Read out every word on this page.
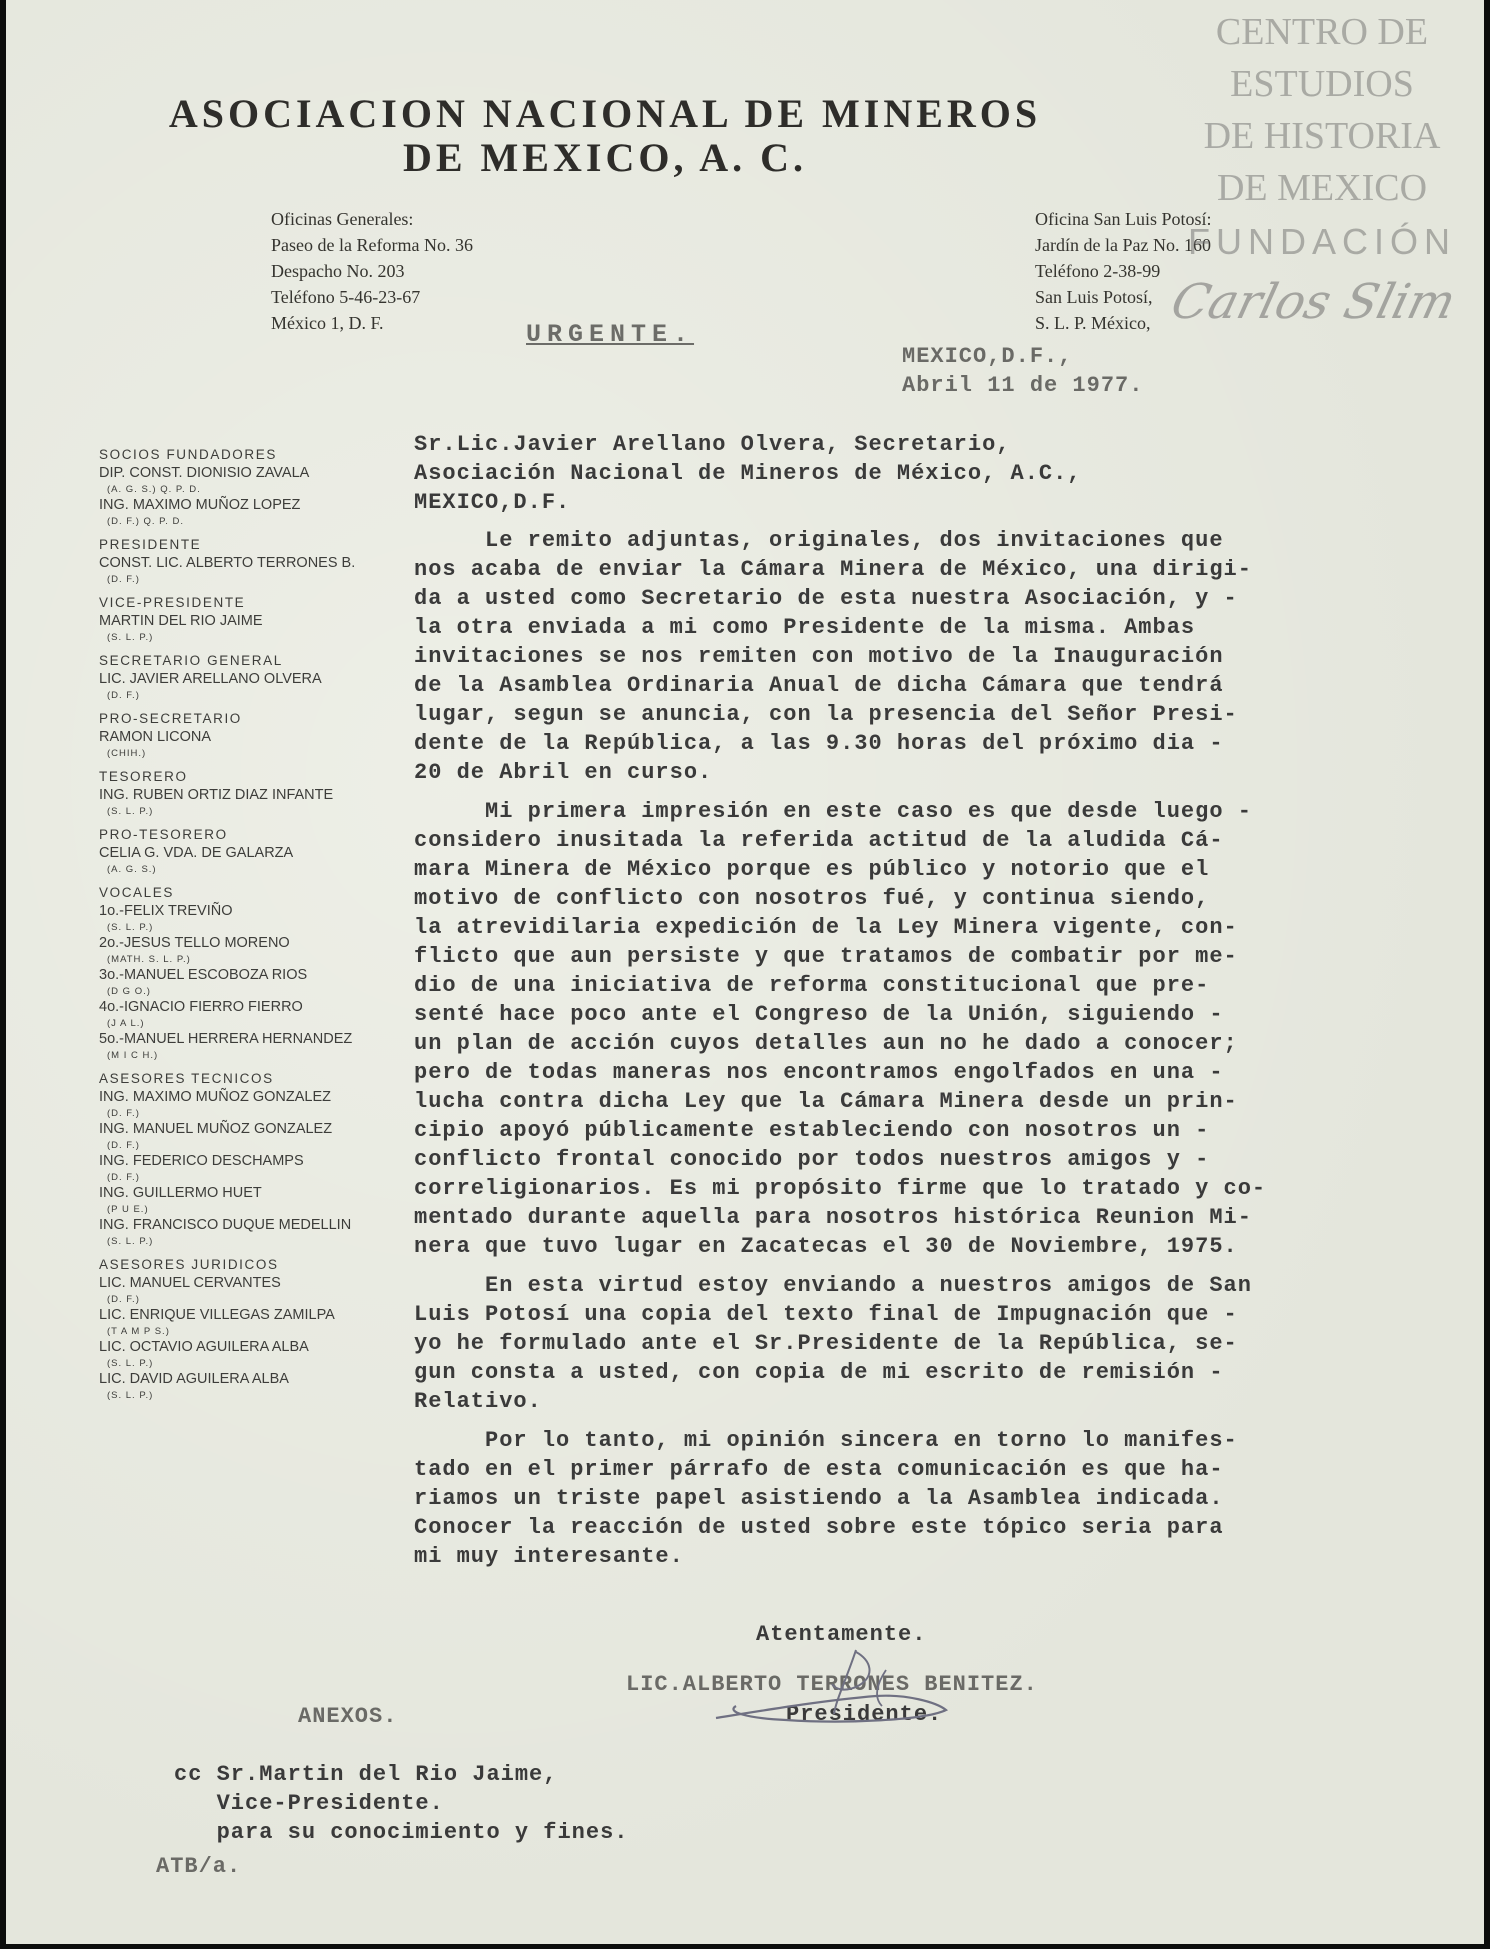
ASOCIACION NACIONAL DE MINEROS
DE MEXICO, A. C.
Oficinas Generales:
Paseo de la Reforma No. 36
Despacho No. 203
Teléfono 5-46-23-67
México 1, D. F.
Oficina San Luis Potosí:
Jardín de la Paz No. 160
Teléfono 2-38-99
San Luis Potosí,
S. L. P. México,
CENTRO DE
ESTUDIOS
DE HISTORIA
DE MEXICO
FUNDACIÓN
Carlos Slim
URGENTE.
MEXICO,D.F.,
Abril 11 de 1977.
SOCIOS FUNDADORES
DIP. CONST. DIONISIO ZAVALA
(A. G. S.) Q. P. D.
ING. MAXIMO MUÑOZ LOPEZ
(D. F.) Q. P. D.
PRESIDENTE
CONST. LIC. ALBERTO TERRONES B.
(D. F.)
VICE-PRESIDENTE
MARTIN DEL RIO JAIME
(S. L. P.)
SECRETARIO GENERAL
LIC. JAVIER ARELLANO OLVERA
(D. F.)
PRO-SECRETARIO
RAMON LICONA
(CHIH.)
TESORERO
ING. RUBEN ORTIZ DIAZ INFANTE
(S. L. P.)
PRO-TESORERO
CELIA G. VDA. DE GALARZA
(A. G. S.)
VOCALES
1o.-FELIX TREVIÑO
(S. L. P.)
2o.-JESUS TELLO MORENO
(MATH. S. L. P.)
3o.-MANUEL ESCOBOZA RIOS
(D G O.)
4o.-IGNACIO FIERRO FIERRO
(J A L.)
5o.-MANUEL HERRERA HERNANDEZ
(M I C H.)
ASESORES TECNICOS
ING. MAXIMO MUÑOZ GONZALEZ
(D. F.)
ING. MANUEL MUÑOZ GONZALEZ
(D. F.)
ING. FEDERICO DESCHAMPS
(D. F.)
ING. GUILLERMO HUET
(P U E.)
ING. FRANCISCO DUQUE MEDELLIN
(S. L. P.)
ASESORES JURIDICOS
LIC. MANUEL CERVANTES
(D. F.)
LIC. ENRIQUE VILLEGAS ZAMILPA
(T A M P S.)
LIC. OCTAVIO AGUILERA ALBA
(S. L. P.)
LIC. DAVID AGUILERA ALBA
(S. L. P.)
Sr.Lic.Javier Arellano Olvera, Secretario,
Asociación Nacional de Mineros de México, A.C.,
MEXICO,D.F.
Le remito adjuntas, originales, dos invitaciones que
nos acaba de enviar la Cámara Minera de México, una dirigi-
da a usted como Secretario de esta nuestra Asociación, y -
la otra enviada a mi como Presidente de la misma. Ambas
invitaciones se nos remiten con motivo de la Inauguración
de la Asamblea Ordinaria Anual de dicha Cámara que tendrá
lugar, segun se anuncia, con la presencia del Señor Presi-
dente de la República, a las 9.30 horas del próximo dia -
20 de Abril en curso.
Mi primera impresión en este caso es que desde luego -
considero inusitada la referida actitud de la aludida Cá-
mara Minera de México porque es público y notorio que el
motivo de conflicto con nosotros fué, y continua siendo,
la atrevidilaria expedición de la Ley Minera vigente, con-
flicto que aun persiste y que tratamos de combatir por me-
dio de una iniciativa de reforma constitucional que pre-
senté hace poco ante el Congreso de la Unión, siguiendo -
un plan de acción cuyos detalles aun no he dado a conocer;
pero de todas maneras nos encontramos engolfados en una -
lucha contra dicha Ley que la Cámara Minera desde un prin-
cipio apoyó públicamente estableciendo con nosotros un -
conflicto frontal conocido por todos nuestros amigos y -
correligionarios. Es mi propósito firme que lo tratado y co-
mentado durante aquella para nosotros histórica Reunion Mi-
nera que tuvo lugar en Zacatecas el 30 de Noviembre, 1975.
En esta virtud estoy enviando a nuestros amigos de San
Luis Potosí una copia del texto final de Impugnación que -
yo he formulado ante el Sr.Presidente de la República, se-
gun consta a usted, con copia de mi escrito de remisión -
Relativo.
Por lo tanto, mi opinión sincera en torno lo manifes-
tado en el primer párrafo de esta comunicación es que ha-
riamos un triste papel asistiendo a la Asamblea indicada.
Conocer la reacción de usted sobre este tópico seria para
mi muy interesante.
Atentamente.
LIC.ALBERTO TERRONES BENITEZ.
Presidente.
ANEXOS.
cc Sr.Martin del Rio Jaime,
Vice-Presidente.
para su conocimiento y fines.
ATB/a.
